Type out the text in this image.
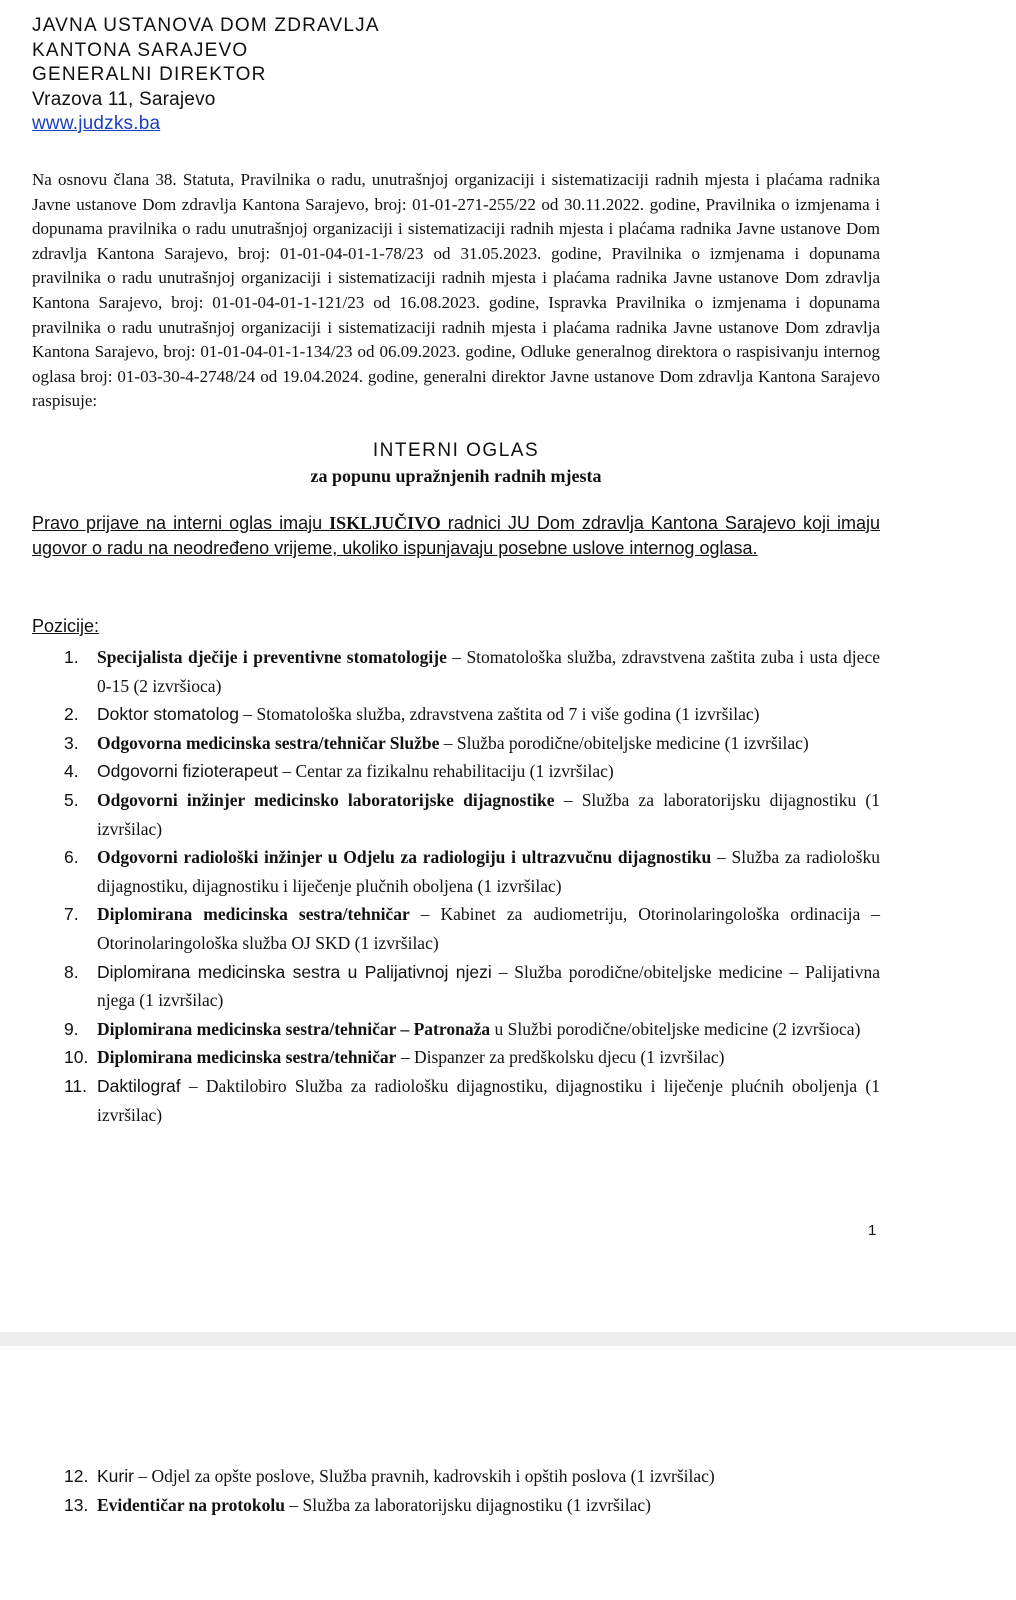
JAVNA USTANOVA DOM ZDRAVLJA
KANTONA SARAJEVO
GENERALNI DIREKTOR
Vrazova 11, Sarajevo
www.judzks.ba
Na osnovu člana 38. Statuta, Pravilnika o radu, unutrašnjoj organizaciji i sistematizaciji radnih mjesta i plaćama radnika Javne ustanove Dom zdravlja Kantona Sarajevo, broj: 01-01-271-255/22 od 30.11.2022. godine, Pravilnika o izmjenama i dopunama pravilnika o radu unutrašnjoj organizaciji i sistematizaciji radnih mjesta i plaćama radnika Javne ustanove Dom zdravlja Kantona Sarajevo, broj: 01-01-04-01-1-78/23 od 31.05.2023. godine, Pravilnika o izmjenama i dopunama pravilnika o radu unutrašnjoj organizaciji i sistematizaciji radnih mjesta i plaćama radnika Javne ustanove Dom zdravlja Kantona Sarajevo, broj: 01-01-04-01-1-121/23 od 16.08.2023. godine, Ispravka Pravilnika o izmjenama i dopunama pravilnika o radu unutrašnjoj organizaciji i sistematizaciji radnih mjesta i plaćama radnika Javne ustanove Dom zdravlja Kantona Sarajevo, broj: 01-01-04-01-1-134/23 od 06.09.2023. godine, Odluke generalnog direktora o raspisivanju internog oglasa broj: 01-03-30-4-2748/24 od 19.04.2024. godine, generalni direktor Javne ustanove Dom zdravlja Kantona Sarajevo raspisuje:
INTERNI OGLAS
za popunu upražnjenih radnih mjesta
Pravo prijave na interni oglas imaju ISKLJUČIVO radnici JU Dom zdravlja Kantona Sarajevo koji imaju ugovor o radu na neodređeno vrijeme, ukoliko ispunjavaju posebne uslove internog oglasa.
Pozicije:
1.	Specijalista dječije i preventivne stomatologije – Stomatološka služba, zdravstvena zaštita zuba i usta djece 0-15 (2 izvršioca)
2.	Doktor stomatolog – Stomatološka služba, zdravstvena zaštita od 7 i više godina (1 izvršilac)
3.	Odgovorna medicinska sestra/tehničar Službe – Služba porodične/obiteljske medicine (1 izvršilac)
4.	Odgovorni fizioterapeut – Centar za fizikalnu rehabilitaciju (1 izvršilac)
5.	Odgovorni inžinjer medicinsko laboratorijske dijagnostike – Služba za laboratorijsku dijagnostiku (1 izvršilac)
6.	Odgovorni radiološki inžinjer u Odjelu za radiologiju i ultrazvučnu dijagnostiku – Služba za radiološku dijagnostiku, dijagnostiku i liječenje plučnih oboljena (1 izvršilac)
7.	Diplomirana medicinska sestra/tehničar – Kabinet za audiometriju, Otorinolaringološka ordinacija – Otorinolaringološka služba OJ SKD (1 izvršilac)
8.	Diplomirana medicinska sestra u Palijativnoj njezi – Služba porodične/obiteljske medicine – Palijativna njega (1 izvršilac)
9.	Diplomirana medicinska sestra/tehničar – Patronaža u Službi porodične/obiteljske medicine (2 izvršioca)
10. Diplomirana medicinska sestra/tehničar – Dispanzer za predškolsku djecu (1 izvršilac)
11. Daktilograf – Daktilobiro Služba za radiološku dijagnostiku, dijagnostiku i liječenje plućnih oboljenja (1 izvršilac)
1
12. Kurir – Odjel za opšte poslove, Služba pravnih, kadrovskih i opštih poslova (1 izvršilac)
13. Evidentičar na protokolu – Služba za laboratorijsku dijagnostiku (1 izvršilac)
